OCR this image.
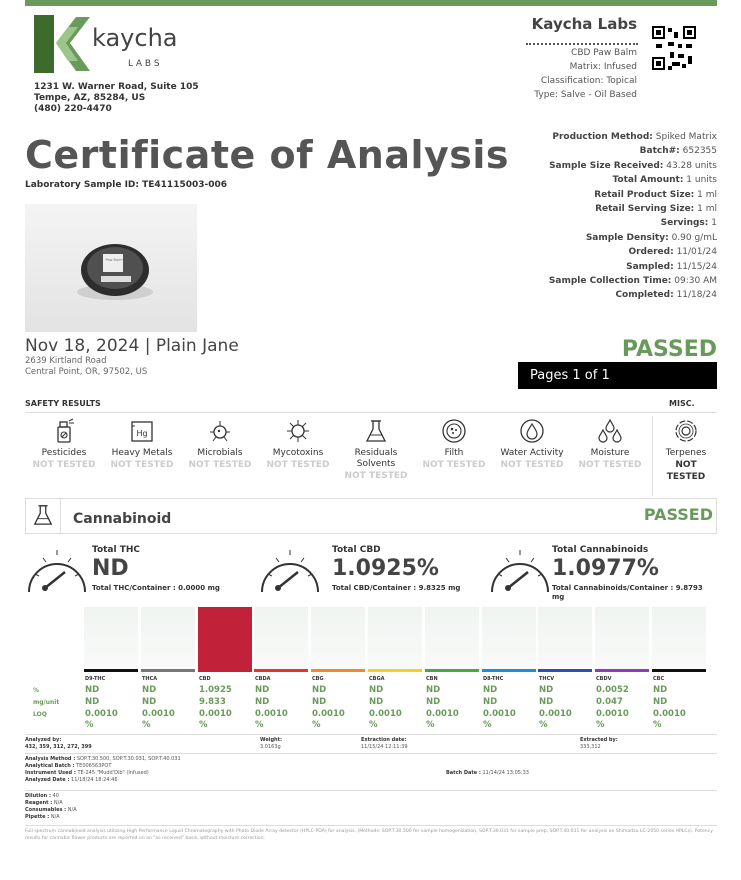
kaycha
L A B S
1231 W. Warner Road, Suite 105
Tempe, AZ, 85284, US
(480) 220-4470
Kaycha Labs
CBD Paw Balm
Matrix: Infused
Classification: Topical
Type: Salve - Oil Based
Certificate of Analysis
Laboratory Sample ID: TE41115003-006
Paw Balm
Production Method: Spiked Matrix
Batch#: 652355
Sample Size Received: 43.28 units
Total Amount: 1 units
Retail Product Size: 1 ml
Retail Serving Size: 1 ml
Servings: 1
Sample Density: 0.90 g/mL
Ordered: 11/01/24
Sampled: 11/15/24
Sample Collection Time: 09:30 AM
Completed: 11/18/24
Nov 18, 2024 | Plain Jane
2639 Kirtland Road
Central Point, OR, 97502, US
PASSED
Pages 1 of 1
SAFETY RESULTS	MISC.
Pesticides
NOT TESTED
Hg
Heavy Metals
NOT TESTED
Microbials
NOT TESTED
Mycotoxins
NOT TESTED
Residuals Solvents
NOT TESTED
Filth
NOT TESTED
Water Activity
NOT TESTED
Moisture
NOT TESTED
Terpenes
NOT TESTED
Cannabinoid	PASSED
Total THC
ND
Total THC/Container : 0.0000 mg
Total CBD
1.0925%
Total CBD/Container : 9.8325 mg
Total Cannabinoids
1.0977%
Total Cannabinoids/Container : 9.8793 mg
%
mg/unit
LOQ
D9-THC
ND
ND
0.0010
%
THCA
ND
ND
0.0010
%
CBD
1.0925
9.833
0.0010
%
CBDA
ND
ND
0.0010
%
CBG
ND
ND
0.0010
%
CBGA
ND
ND
0.0010
%
CBN
ND
ND
0.0010
%
D8-THC
ND
ND
0.0010
%
THCV
ND
ND
0.0010
%
CBDV
0.0052
0.047
0.0010
%
CBC
ND
ND
0.0010
%
Analyzed by:
432, 359, 312, 272, 399
Weight:
3.0163g
Extraction date:
11/15/24 12:11:39
Extracted by:
333,312
Analysis Method : SOP.T.30.500, SOP.T.30.031, SOP.T.40.031
Analytical Batch : TE006563POT
Instrument Used : TE-245 "Mudd'Dib" (Infused)
Analyzed Date : 11/18/24 18:24:46
Batch Date : 11/14/24 13:05:33
Dilution : 40
Reagent : N/A
Consumables : N/A
Pipette : N/A
Full spectrum cannabinoid analysis utilizing High Performance Liquid Chromatography with Photo Diode Array detector (HPLC-PDA) for analysis. (Methods: SOP.T.30.500 for sample homogenization, SOP.T.30.031 for sample prep, SOP.T.40.031 for analysis on Shimadzu LC-2050 series HPLCs). Potency results for cannabis flower products are reported on an "as received" basis, without moisture correction.
